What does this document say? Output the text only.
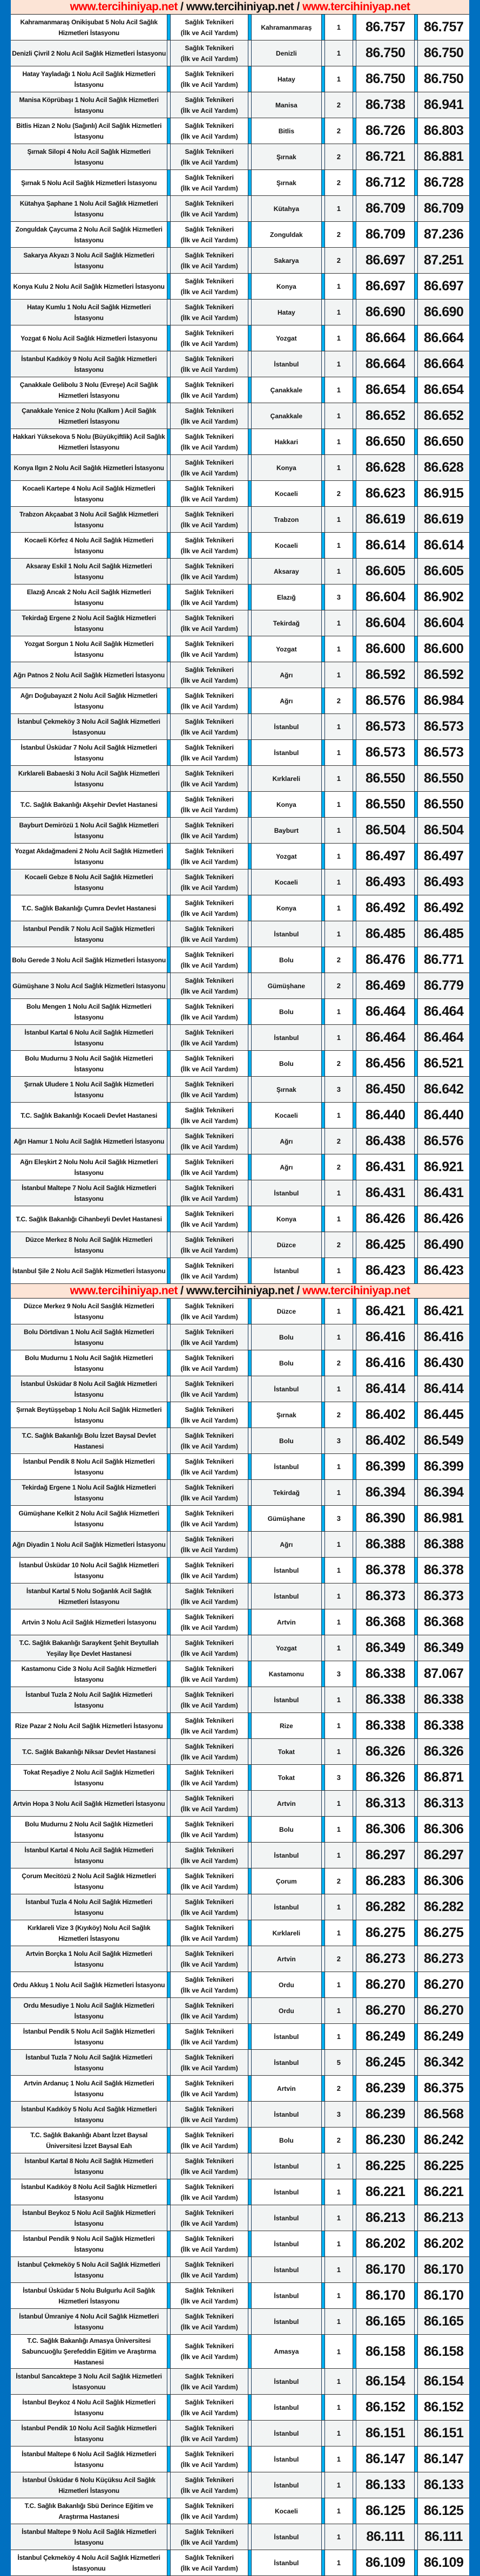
www.tercihiniyap.net / www.tercihiniyap.net / www.tercihiniyap.net
Kahramanmaraş Onikişubat 5 Nolu Acil Sağlık Hizmetleri İstasyonu		Sağlık Teknikeri
(İlk ve Acil Yardım)		Kahramanmaraş		1		86.757		86.757
Denizli Çivril 2 Nolu Acil Sağlık Hizmetleri İstasyonu		Sağlık Teknikeri
(İlk ve Acil Yardım)		Denizli		1		86.750		86.750
Hatay Yayladağı 1 Nolu Acil Sağlık Hizmetleri İstasyonu		Sağlık Teknikeri
(İlk ve Acil Yardım)		Hatay		1		86.750		86.750
Manisa Köprübaşı 1 Nolu Acil Sağlık Hizmetleri İstasyonu		Sağlık Teknikeri
(İlk ve Acil Yardım)		Manisa		2		86.738		86.941
Bitlis Hizan 2 Nolu (Sağınlı) Acil Sağlık Hizmetleri İstasyonu		Sağlık Teknikeri
(İlk ve Acil Yardım)		Bitlis		2		86.726		86.803
Şırnak Silopi 4 Nolu Acil Sağlık Hizmetleri İstasyonu		Sağlık Teknikeri
(İlk ve Acil Yardım)		Şırnak		2		86.721		86.881
Şırnak 5 Nolu Acil Sağlık Hizmetleri İstasyonu		Sağlık Teknikeri
(İlk ve Acil Yardım)		Şırnak		2		86.712		86.728
Kütahya Şaphane 1 Nolu Acil Sağlık Hizmetleri İstasyonu		Sağlık Teknikeri
(İlk ve Acil Yardım)		Kütahya		1		86.709		86.709
Zonguldak Çaycuma 2 Nolu Acil Sağlık Hizmetleri İstasyonu		Sağlık Teknikeri
(İlk ve Acil Yardım)		Zonguldak		2		86.709		87.236
Sakarya Akyazı 3 Nolu Acil Sağlık Hizmetleri İstasyonu		Sağlık Teknikeri
(İlk ve Acil Yardım)		Sakarya		2		86.697		87.251
Konya Kulu 2 Nolu Acil Sağlık Hizmetleri İstasyonu		Sağlık Teknikeri
(İlk ve Acil Yardım)		Konya		1		86.697		86.697
Hatay Kumlu 1 Nolu Acil Sağlık Hizmetleri İstasyonu		Sağlık Teknikeri
(İlk ve Acil Yardım)		Hatay		1		86.690		86.690
Yozgat 6 Nolu Acil Sağlık Hizmetleri İstasyonu		Sağlık Teknikeri
(İlk ve Acil Yardım)		Yozgat		1		86.664		86.664
İstanbul Kadıköy 9 Nolu Acil Sağlık Hizmetleri İstasyonu		Sağlık Teknikeri
(İlk ve Acil Yardım)		İstanbul		1		86.664		86.664
Çanakkale Gelibolu 3 Nolu (Evreşe) Acil Sağlık Hizmetleri İstasyonu		Sağlık Teknikeri
(İlk ve Acil Yardım)		Çanakkale		1		86.654		86.654
Çanakkale Yenice 2 Nolu (Kalkım ) Acil Sağlık Hizmetleri İstasyonu		Sağlık Teknikeri
(İlk ve Acil Yardım)		Çanakkale		1		86.652		86.652
Hakkari Yüksekova 5 Nolu (Büyükçiftlik) Acil Sağlık Hizmetleri İstasyonu		Sağlık Teknikeri
(İlk ve Acil Yardım)		Hakkari		1		86.650		86.650
Konya Ilgın 2 Nolu Acil Sağlık Hizmetleri İstasyonu		Sağlık Teknikeri
(İlk ve Acil Yardım)		Konya		1		86.628		86.628
Kocaeli Kartepe 4 Nolu Acil Sağlık Hizmetleri İstasyonu		Sağlık Teknikeri
(İlk ve Acil Yardım)		Kocaeli		2		86.623		86.915
Trabzon Akçaabat 3 Nolu Acil Sağlık Hizmetleri İstasyonu		Sağlık Teknikeri
(İlk ve Acil Yardım)		Trabzon		1		86.619		86.619
Kocaeli Körfez 4 Nolu Acil Sağlık Hizmetleri İstasyonu		Sağlık Teknikeri
(İlk ve Acil Yardım)		Kocaeli		1		86.614		86.614
Aksaray Eskil 1 Nolu Acil Sağlık Hizmetleri İstasyonu		Sağlık Teknikeri
(İlk ve Acil Yardım)		Aksaray		1		86.605		86.605
Elazığ Arıcak 2 Nolu Acil Sağlık Hizmetleri İstasyonu		Sağlık Teknikeri
(İlk ve Acil Yardım)		Elazığ		3		86.604		86.902
Tekirdağ Ergene 2 Nolu Acil Sağlık Hizmetleri İstasyonu		Sağlık Teknikeri
(İlk ve Acil Yardım)		Tekirdağ		1		86.604		86.604
Yozgat Sorgun 1 Nolu Acil Sağlık Hizmetleri İstasyonu		Sağlık Teknikeri
(İlk ve Acil Yardım)		Yozgat		1		86.600		86.600
Ağrı Patnos 2 Nolu Acil Sağlık Hizmetleri İstasyonu		Sağlık Teknikeri
(İlk ve Acil Yardım)		Ağrı		1		86.592		86.592
Ağrı Doğubayazıt 2 Nolu Acil Sağlık Hizmetleri İstasyonu		Sağlık Teknikeri
(İlk ve Acil Yardım)		Ağrı		2		86.576		86.984
İstanbul Çekmeköy 3 Nolu Acil Sağlık Hizmetleri İstasyonuu		Sağlık Teknikeri
(İlk ve Acil Yardım)		İstanbul		1		86.573		86.573
İstanbul Üsküdar 7 Nolu Acil Sağlık Hizmetleri İstasyonu		Sağlık Teknikeri
(İlk ve Acil Yardım)		İstanbul		1		86.573		86.573
Kırklareli Babaeski 3 Nolu Acil Sağlık Hizmetleri İstasyonu		Sağlık Teknikeri
(İlk ve Acil Yardım)		Kırklareli		1		86.550		86.550
T.C. Sağlık Bakanlığı Akşehir Devlet Hastanesi		Sağlık Teknikeri
(İlk ve Acil Yardım)		Konya		1		86.550		86.550
Bayburt Demirözü 1 Nolu Acil Sağlık Hizmetleri İstasyonu		Sağlık Teknikeri
(İlk ve Acil Yardım)		Bayburt		1		86.504		86.504
Yozgat Akdağmadeni 2 Nolu Acil Sağlık Hizmetleri İstasyonu		Sağlık Teknikeri
(İlk ve Acil Yardım)		Yozgat		1		86.497		86.497
Kocaeli Gebze 8 Nolu Acil Sağlık Hizmetleri İstasyonu		Sağlık Teknikeri
(İlk ve Acil Yardım)		Kocaeli		1		86.493		86.493
T.C. Sağlık Bakanlığı Çumra Devlet Hastanesi		Sağlık Teknikeri
(İlk ve Acil Yardım)		Konya		1		86.492		86.492
İstanbul Pendik 7 Nolu Acil Sağlık Hizmetleri İstasyonu		Sağlık Teknikeri
(İlk ve Acil Yardım)		İstanbul		1		86.485		86.485
Bolu Gerede 3 Nolu Acil Sağlık Hizmetleri İstasyonu		Sağlık Teknikeri
(İlk ve Acil Yardım)		Bolu		2		86.476		86.771
Gümüşhane 3 Nolu Acıl Sağlık Hizmetleri Istasyonu		Sağlık Teknikeri
(İlk ve Acil Yardım)		Gümüşhane		2		86.469		86.779
Bolu Mengen 1 Nolu Acil Sağlık Hizmetleri İstasyonu		Sağlık Teknikeri
(İlk ve Acil Yardım)		Bolu		1		86.464		86.464
İstanbul Kartal 6 Nolu Acil Sağlık Hizmetleri İstasyonu		Sağlık Teknikeri
(İlk ve Acil Yardım)		İstanbul		1		86.464		86.464
Bolu Mudurnu 3 Nolu Acil Sağlık Hizmetleri İstasyonu		Sağlık Teknikeri
(İlk ve Acil Yardım)		Bolu		2		86.456		86.521
Şırnak Uludere 1 Nolu Acil Sağlık Hizmetleri İstasyonu		Sağlık Teknikeri
(İlk ve Acil Yardım)		Şırnak		3		86.450		86.642
T.C. Sağlık Bakanlığı Kocaeli Devlet Hastanesi		Sağlık Teknikeri
(İlk ve Acil Yardım)		Kocaeli		1		86.440		86.440
Ağrı Hamur 1 Nolu Acil Sağlık Hizmetleri İstasyonu		Sağlık Teknikeri
(İlk ve Acil Yardım)		Ağrı		2		86.438		86.576
Ağrı Eleşkirt 2 Nolu Nolu Acil Sağlık Hizmetleri İstasyonu		Sağlık Teknikeri
(İlk ve Acil Yardım)		Ağrı		2		86.431		86.921
İstanbul Maltepe 7 Nolu Acil Sağlık Hizmetleri İstasyonu		Sağlık Teknikeri
(İlk ve Acil Yardım)		İstanbul		1		86.431		86.431
T.C. Sağlık Bakanlığı Cihanbeyli Devlet Hastanesi		Sağlık Teknikeri
(İlk ve Acil Yardım)		Konya		1		86.426		86.426
Düzce Merkez 8 Nolu Acil Sağlık Hizmetleri İstasyonu		Sağlık Teknikeri
(İlk ve Acil Yardım)		Düzce		2		86.425		86.490
İstanbul Şile 2 Nolu Acil Sağlık Hizmetleri İstasyonu		Sağlık Teknikeri
(İlk ve Acil Yardım)		İstanbul		1		86.423		86.423
www.tercihiniyap.net / www.tercihiniyap.net / www.tercihiniyap.net
Düzce Merkez 9 Nolu Acil Sasğlık Hizmetleri İstasyonu		Sağlık Teknikeri
(İlk ve Acil Yardım)		Düzce		1		86.421		86.421
Bolu Dörtdivan 1 Nolu Acil Sağlık Hizmetleri İstasyonu		Sağlık Teknikeri
(İlk ve Acil Yardım)		Bolu		1		86.416		86.416
Bolu Mudurnu 1 Nolu Acil Sağlık Hizmetleri İstasyonu		Sağlık Teknikeri
(İlk ve Acil Yardım)		Bolu		2		86.416		86.430
İstanbul Üsküdar 8 Nolu Acil Sağlık Hizmetleri İstasyonu		Sağlık Teknikeri
(İlk ve Acil Yardım)		İstanbul		1		86.414		86.414
Şırnak Beytüşşebap 1 Nolu Acil Sağlık Hizmetleri İstasyonu		Sağlık Teknikeri
(İlk ve Acil Yardım)		Şırnak		2		86.402		86.445
T.C. Sağlık Bakanlığı Bolu İzzet Baysal Devlet Hastanesi		Sağlık Teknikeri
(İlk ve Acil Yardım)		Bolu		3		86.402		86.549
İstanbul Pendik 8 Nolu Acil Sağlık Hizmetleri İstasyonu		Sağlık Teknikeri
(İlk ve Acil Yardım)		İstanbul		1		86.399		86.399
Tekirdağ Ergene 1 Nolu Acil Sağlık Hizmetleri İstasyonu		Sağlık Teknikeri
(İlk ve Acil Yardım)		Tekirdağ		1		86.394		86.394
Gümüşhane Kelkit 2 Nolu Acil Sağlık Hizmetleri İstasyonu		Sağlık Teknikeri
(İlk ve Acil Yardım)		Gümüşhane		3		86.390		86.981
Ağrı Diyadin 1 Nolu Acil Sağlık Hizmetleri İstasyonu		Sağlık Teknikeri
(İlk ve Acil Yardım)		Ağrı		1		86.388		86.388
İstanbul Üsküdar 10 Nolu Acil Sağlık Hizmetleri İstasyonu		Sağlık Teknikeri
(İlk ve Acil Yardım)		İstanbul		1		86.378		86.378
İstanbul Kartal 5 Nolu Soğanlık Acil Sağlık Hizmetleri İstasyonu		Sağlık Teknikeri
(İlk ve Acil Yardım)		İstanbul		1		86.373		86.373
Artvin 3 Nolu Acil Sağlık Hizmetleri İstasyonu		Sağlık Teknikeri
(İlk ve Acil Yardım)		Artvin		1		86.368		86.368
T.C. Sağlık Bakanlığı Saraykent Şehit Beytullah Yeşilay İlçe Devlet Hastanesi		Sağlık Teknikeri
(İlk ve Acil Yardım)		Yozgat		1		86.349		86.349
Kastamonu Cide 3 Nolu Acil Sağlık Hizmetleri İstasyonu		Sağlık Teknikeri
(İlk ve Acil Yardım)		Kastamonu		3		86.338		87.067
İstanbul Tuzla 2 Nolu Acil Sağlık Hizmetleri İstasyonu		Sağlık Teknikeri
(İlk ve Acil Yardım)		İstanbul		1		86.338		86.338
Rize Pazar 2 Nolu Acil Sağlık Hizmetleri İstasyonu		Sağlık Teknikeri
(İlk ve Acil Yardım)		Rize		1		86.338		86.338
T.C. Sağlık Bakanlığı Niksar Devlet Hastanesi		Sağlık Teknikeri
(İlk ve Acil Yardım)		Tokat		1		86.326		86.326
Tokat Reşadiye 2 Nolu Acil Sağlık Hizmetleri İstasyonu		Sağlık Teknikeri
(İlk ve Acil Yardım)		Tokat		3		86.326		86.871
Artvin Hopa 3 Nolu Acil Sağlık Hizmetleri İstasyonu		Sağlık Teknikeri
(İlk ve Acil Yardım)		Artvin		1		86.313		86.313
Bolu Mudurnu 2 Nolu Acil Sağlık Hizmetleri İstasyonu		Sağlık Teknikeri
(İlk ve Acil Yardım)		Bolu		1		86.306		86.306
İstanbul Kartal 4 Nolu Acil Sağlık Hizmetleri İstasyonu		Sağlık Teknikeri
(İlk ve Acil Yardım)		İstanbul		1		86.297		86.297
Çorum Mecitözü 2 Nolu Acil Sağlık Hizmetleri İstasyonu		Sağlık Teknikeri
(İlk ve Acil Yardım)		Çorum		2		86.283		86.306
İstanbul Tuzla 4 Nolu Acil Sağlık Hizmetleri İstasyonu		Sağlık Teknikeri
(İlk ve Acil Yardım)		İstanbul		1		86.282		86.282
Kırklareli Vize 3 (Kıyıköy) Nolu Acil Sağlık Hizmetleri İstasyonu		Sağlık Teknikeri
(İlk ve Acil Yardım)		Kırklareli		1		86.275		86.275
Artvin Borçka 1 Nolu Acil Sağlık Hizmetleri İstasyonu		Sağlık Teknikeri
(İlk ve Acil Yardım)		Artvin		2		86.273		86.273
Ordu Akkuş 1 Nolu Acil Sağlık Hizmetleri İstasyonu		Sağlık Teknikeri
(İlk ve Acil Yardım)		Ordu		1		86.270		86.270
Ordu Mesudiye 1 Nolu Acil Sağlık Hizmetleri İstasyonu		Sağlık Teknikeri
(İlk ve Acil Yardım)		Ordu		1		86.270		86.270
İstanbul Pendik 5 Nolu Acil Sağlık Hizmetleri İstasyonu		Sağlık Teknikeri
(İlk ve Acil Yardım)		İstanbul		1		86.249		86.249
İstanbul Tuzla 7 Nolu Acil Sağlık Hizmetleri İstasyonu		Sağlık Teknikeri
(İlk ve Acil Yardım)		İstanbul		5		86.245		86.342
Artvin Ardanuç 1 Nolu Acil Sağlık Hizmetleri İstasyonu		Sağlık Teknikeri
(İlk ve Acil Yardım)		Artvin		2		86.239		86.375
İstanbul Kadıköy 5 Nolu Acıl Sağlık Hizmetleri Istasyonu		Sağlık Teknikeri
(İlk ve Acil Yardım)		İstanbul		3		86.239		86.568
T.C. Sağlık Bakanlığı Abant İzzet Baysal Üniversitesi İzzet Baysal Eah		Sağlık Teknikeri
(İlk ve Acil Yardım)		Bolu		2		86.230		86.242
İstanbul Kartal 8 Nolu Acil Sağlık Hizmetleri İstasyonu		Sağlık Teknikeri
(İlk ve Acil Yardım)		İstanbul		1		86.225		86.225
İstanbul Kadıköy 8 Nolu Acil Sağlık Hizmetleri İstasyonu		Sağlık Teknikeri
(İlk ve Acil Yardım)		İstanbul		1		86.221		86.221
İstanbul Beykoz 5 Nolu Acil Sağlık Hizmetleri İstasyonu		Sağlık Teknikeri
(İlk ve Acil Yardım)		İstanbul		1		86.213		86.213
İstanbul Pendik 9 Nolu Acil Sağlık Hizmetleri İstasyonu		Sağlık Teknikeri
(İlk ve Acil Yardım)		İstanbul		1		86.202		86.202
İstanbul Çekmeköy 5 Nolu Acil Sağlık Hizmetleri İstasyonu		Sağlık Teknikeri
(İlk ve Acil Yardım)		İstanbul		1		86.170		86.170
İstanbul Üsküdar 5 Nolu Bulgurlu Acil Sağlık Hizmetleri İstasyonu		Sağlık Teknikeri
(İlk ve Acil Yardım)		İstanbul		1		86.170		86.170
İstanbul Ümraniye 4 Nolu Acil Sağlık Hizmetleri İstasyonu		Sağlık Teknikeri
(İlk ve Acil Yardım)		İstanbul		1		86.165		86.165
T.C. Sağlık Bakanlığı Amasya Üniversitesi Sabuncuoğlu Şerefeddin Eğitim ve Araştırma Hastanesi		Sağlık Teknikeri
(İlk ve Acil Yardım)		Amasya		1		86.158		86.158
İstanbul Sancaktepe 3 Nolu Acil Sağlık Hizmetleri İstasyonuu		Sağlık Teknikeri
(İlk ve Acil Yardım)		İstanbul		1		86.154		86.154
İstanbul Beykoz 4 Nolu Acil Sağlık Hizmetleri İstasyonu		Sağlık Teknikeri
(İlk ve Acil Yardım)		İstanbul		1		86.152		86.152
İstanbul Pendik 10 Nolu Acil Sağlık Hizmetleri İstasyonu		Sağlık Teknikeri
(İlk ve Acil Yardım)		İstanbul		1		86.151		86.151
İstanbul Maltepe 6 Nolu Acil Sağlık Hizmetleri İstasyonu		Sağlık Teknikeri
(İlk ve Acil Yardım)		İstanbul		1		86.147		86.147
İstanbul Üsküdar 6 Nolu Küçüksu Acil Sağlık Hizmetleri İstasyonu		Sağlık Teknikeri
(İlk ve Acil Yardım)		İstanbul		1		86.133		86.133
T.C. Sağlık Bakanlığı Sbü Derince Eğitim ve Araştırma Hastanesi		Sağlık Teknikeri
(İlk ve Acil Yardım)		Kocaeli		1		86.125		86.125
İstanbul Maltepe 9 Nolu Acil Sağlık Hizmetleri İstasyonu		Sağlık Teknikeri
(İlk ve Acil Yardım)		İstanbul		1		86.111		86.111
İstanbul Çekmeköy 4 Nolu Acil Sağlık Hizmetleri İstasyonuu		Sağlık Teknikeri
(İlk ve Acil Yardım)		İstanbul		1		86.109		86.109
